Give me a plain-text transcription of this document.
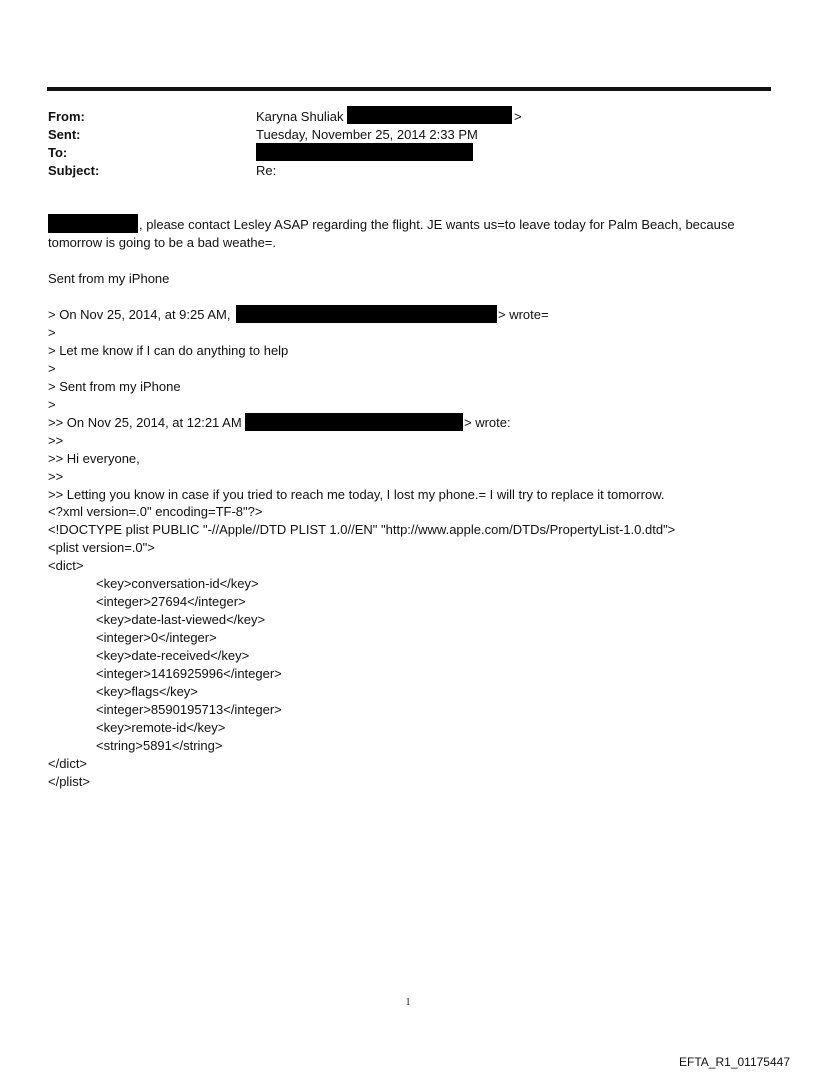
From:	Karyna Shuliak	>
Sent:	Tuesday, November 25, 2014 2:33 PM
To:
Subject:	Re:
, please contact Lesley ASAP regarding the flight. JE wants us=to leave today for Palm Beach, because
tomorrow is going to be a bad weathe=.
Sent from my iPhone
> On Nov 25, 2014, at 9:25 AM,	> wrote=
>
> Let me know if I can do anything to help
>
> Sent from my iPhone
>
>> On Nov 25, 2014, at 12:21 AM	> wrote:
>>
>> Hi everyone,
>>
>> Letting you know in case if you tried to reach me today, I lost my phone.= I will try to replace it tomorrow.
<?xml version=.0" encoding=TF-8"?>
<!DOCTYPE plist PUBLIC "-//Apple//DTD PLIST 1.0//EN" "http://www.apple.com/DTDs/PropertyList-1.0.dtd">
<plist version=.0">
<dict>
<key>conversation-id</key>
<integer>27694</integer>
<key>date-last-viewed</key>
<integer>0</integer>
<key>date-received</key>
<integer>1416925996</integer>
<key>flags</key>
<integer>8590195713</integer>
<key>remote-id</key>
<string>5891</string>
</dict>
</plist>
1
EFTA_R1_01175447
